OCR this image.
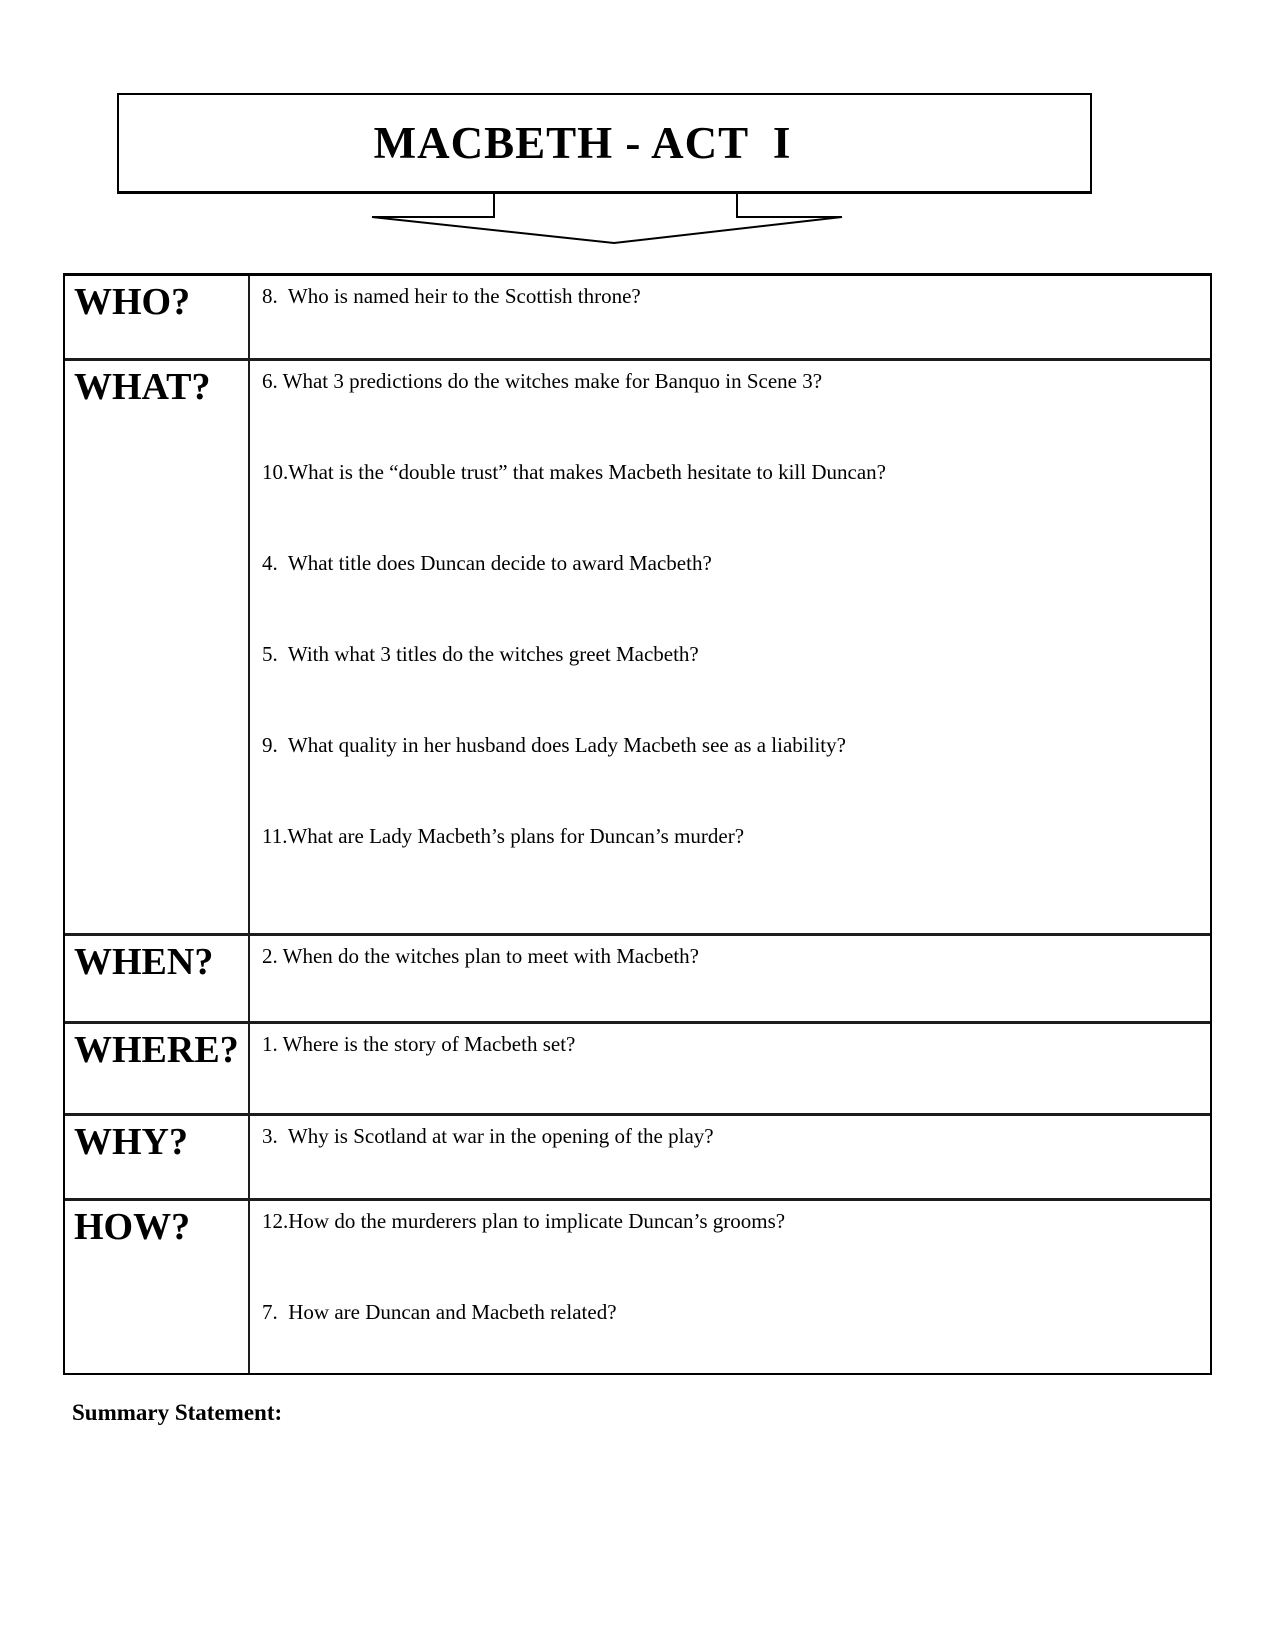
MACBETH - ACT  I
WHO?	8.  Who is named heir to the Scottish throne?
WHAT?	6. What 3 predictions do the witches make for Banquo in Scene 3?
10.What is the “double trust” that makes Macbeth hesitate to kill Duncan?
4.  What title does Duncan decide to award Macbeth?
5.  With what 3 titles do the witches greet Macbeth?
9.  What quality in her husband does Lady Macbeth see as a liability?
11.What are Lady Macbeth’s plans for Duncan’s murder?
WHEN?	2. When do the witches plan to meet with Macbeth?
WHERE?	1. Where is the story of Macbeth set?
WHY?	3.  Why is Scotland at war in the opening of the play?
HOW?	12.How do the murderers plan to implicate Duncan’s grooms?
7.  How are Duncan and Macbeth related?
Summary Statement:
